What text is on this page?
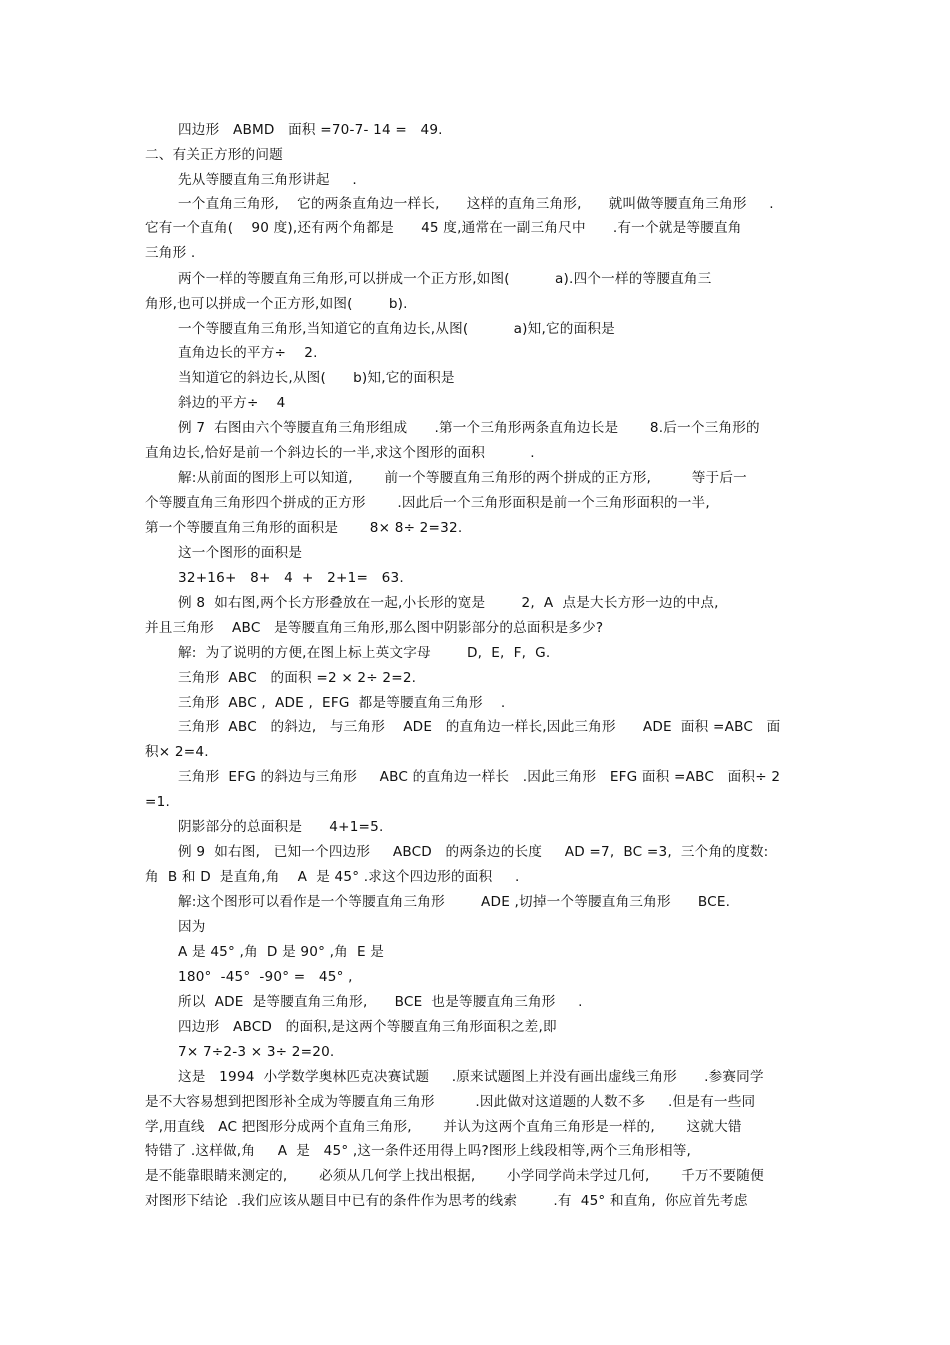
四边形   ABMD   面积 =70-7- 14 =   49.
二、有关正方形的问题
先从等腰直角三角形讲起     .
一个直角三角形,    它的两条直角边一样长,      这样的直角三角形,      就叫做等腰直角三角形     .
它有一个直角(    90 度),还有两个角都是      45 度,通常在一副三角尺中      .有一个就是等腰直角
三角形 .
两个一样的等腰直角三角形,可以拼成一个正方形,如图(          a).四个一样的等腰直角三
角形,也可以拼成一个正方形,如图(        b).
一个等腰直角三角形,当知道它的直角边长,从图(          a)知,它的面积是
直角边长的平方÷    2.
当知道它的斜边长,从图(      b)知,它的面积是
斜边的平方÷    4
例 7  右图由六个等腰直角三角形组成      .第一个三角形两条直角边长是       8.后一个三角形的
直角边长,恰好是前一个斜边长的一半,求这个图形的面积          .
解:从前面的图形上可以知道,       前一个等腰直角三角形的两个拼成的正方形,         等于后一
个等腰直角三角形四个拼成的正方形       .因此后一个三角形面积是前一个三角形面积的一半,
第一个等腰直角三角形的面积是       8× 8÷ 2=32.
这一个图形的面积是
32+16+   8+   4  +   2+1=   63.
例 8  如右图,两个长方形叠放在一起,小长形的宽是        2,  A  点是大长方形一边的中点,
并且三角形    ABC   是等腰直角三角形,那么图中阴影部分的总面积是多少?
解:  为了说明的方便,在图上标上英文字母        D,  E,  F,  G.
三角形  ABC   的面积 =2 × 2÷ 2=2.
三角形  ABC ,  ADE ,  EFG  都是等腰直角三角形    .
三角形  ABC   的斜边,   与三角形    ADE   的直角边一样长,因此三角形      ADE  面积 =ABC   面
积× 2=4.
三角形  EFG 的斜边与三角形     ABC 的直角边一样长   .因此三角形   EFG 面积 =ABC   面积÷ 2
=1.
阴影部分的总面积是      4+1=5.
例 9  如右图,   已知一个四边形     ABCD   的两条边的长度     AD =7,  BC =3,  三个角的度数:
角  B 和 D  是直角,角    A  是 45° .求这个四边形的面积     .
解:这个图形可以看作是一个等腰直角三角形        ADE ,切掉一个等腰直角三角形      BCE.
因为
A 是 45° ,角  D 是 90° ,角  E 是
180°  -45°  -90° =   45° ,
所以  ADE  是等腰直角三角形,      BCE  也是等腰直角三角形     .
四边形   ABCD   的面积,是这两个等腰直角三角形面积之差,即
7× 7÷2-3 × 3÷ 2=20.
这是   1994  小学数学奥林匹克决赛试题     .原来试题图上并没有画出虚线三角形      .参赛同学
是不大容易想到把图形补全成为等腰直角三角形         .因此做对这道题的人数不多     .但是有一些同
学,用直线   AC 把图形分成两个直角三角形,       并认为这两个直角三角形是一样的,       这就大错
特错了 .这样做,角     A  是   45° ,这一条件还用得上吗?图形上线段相等,两个三角形相等,
是不能靠眼睛来测定的,       必须从几何学上找出根据,       小学同学尚未学过几何,       千万不要随便
对图形下结论  .我们应该从题目中已有的条件作为思考的线索        .有  45° 和直角,  你应首先考虑
